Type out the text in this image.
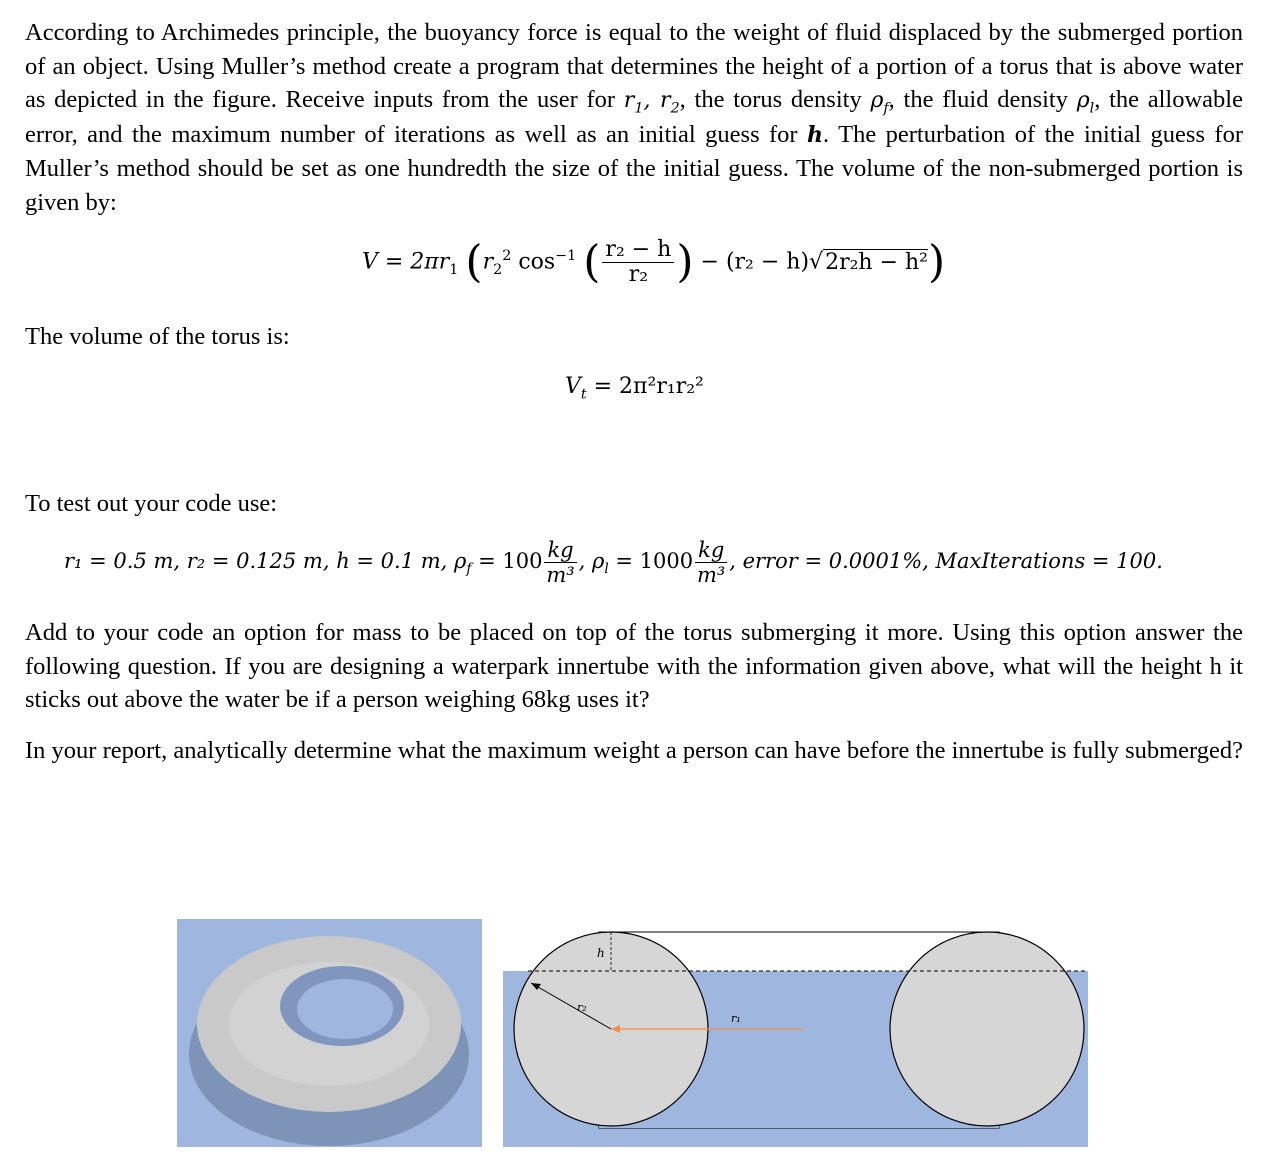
According to Archimedes principle, the buoyancy force is equal to the weight of fluid displaced by the submerged portion of an object. Using Muller’s method create a program that determines the height of a portion of a torus that is above water as depicted in the figure. Receive inputs from the user for $r_1$, $r_2$, the torus density $\rho_f$, the fluid density $\rho_l$, the allowable error, and the maximum number of iterations as well as an initial guess for h. The perturbation of the initial guess for Muller’s method should be set as one hundredth the size of the initial guess. The volume of the non-submerged portion is given by:

$V = 2\pi r_1$ ($r_2^2$ $\cos^{-1}$ ( $\frac{\text{r₂ − h}}{\text{r₂}}$ ) − (r₂ − h)√2r₂h − h²)

The volume of the torus is:

$V_t = 2\pi^2r_1r_2^2$

To test out your code use:

r₁ = 0.5 m, r₂ = 0.125 m, h = 0.1 m, $\rho_f = 100 \frac{kg}{\text{m³}}$ , $\rho_l = 1000 \frac{kg}{\text{m³}}$ , error = 0.0001%, MaxIterations = 100.

Add to your code an option for mass to be placed on top of the torus submerging it more. Using this option answer the following question. If you are designing a waterpark innertube with the information given above, what will the height h it sticks out above the water be if a person weighing 68kg uses it?

In your report, analytically determine what the maximum weight a person can have before the innertube is fully submerged?

h
r₂
r₁
